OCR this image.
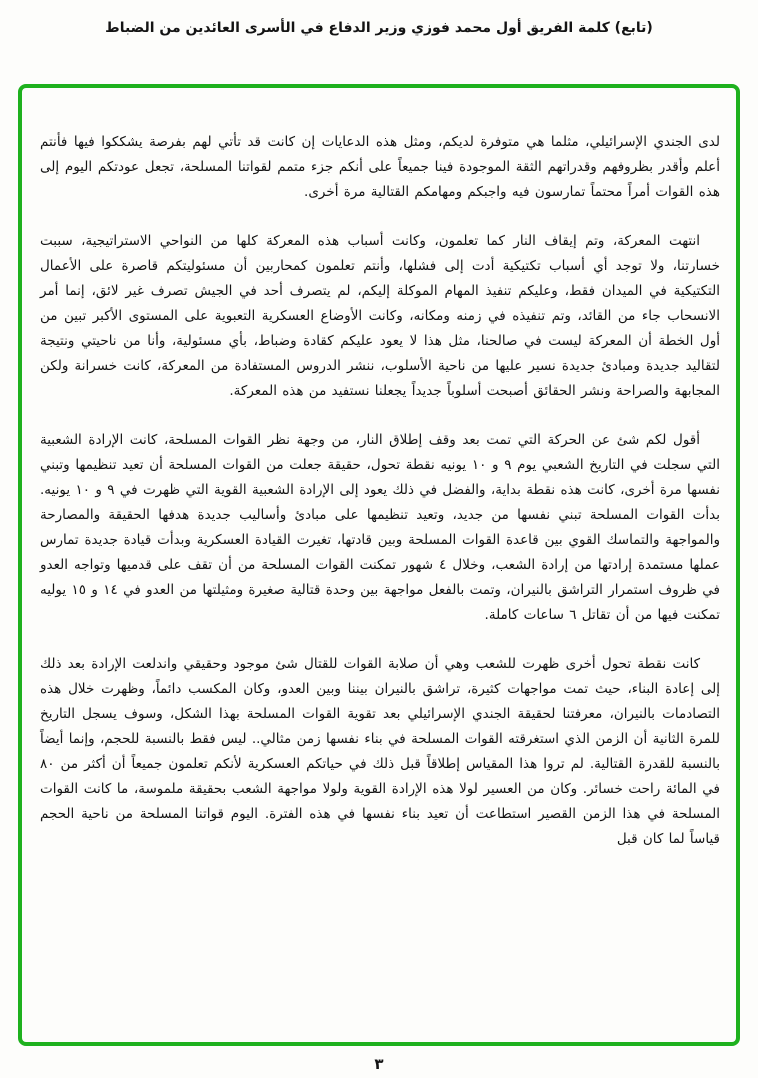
(تابع) كلمة الفريق أول محمد فوزي وزير الدفاع في الأسرى العائدين من الضباط

لدى الجندي الإسرائيلي، مثلما هي متوفرة لديكم، ومثل هذه الدعايات إن كانت قد تأتي لهم بفرصة يشككوا فيها فأنتم أعلم وأقدر بظروفهم وقدراتهم الثقة الموجودة فينا جميعاً على أنكم جزء متمم لقواتنا المسلحة، تجعل عودتكم اليوم إلى هذه القوات أمراً محتماً تمارسون فيه واجبكم ومهامكم القتالية مرة أخرى.

انتهت المعركة، وتم إيقاف النار كما تعلمون، وكانت أسباب هذه المعركة كلها من النواحي الاستراتيجية، سببت خسارتنا، ولا توجد أي أسباب تكتيكية أدت إلى فشلها، وأنتم تعلمون كمحاربين أن مسئوليتكم قاصرة على الأعمال التكتيكية في الميدان فقط، وعليكم تنفيذ المهام الموكلة إليكم، لم يتصرف أحد في الجيش تصرف غير لائق، إنما أمر الانسحاب جاء من القائد، وتم تنفيذه في زمنه ومكانه، وكانت الأوضاع العسكرية التعبوية على المستوى الأكبر تبين من أول الخطة أن المعركة ليست في صالحنا، مثل هذا لا يعود عليكم كقادة وضباط، بأي مسئولية، وأنا من ناحيتي ونتيجة لتقاليد جديدة ومبادئ جديدة نسير عليها من ناحية الأسلوب، ننشر الدروس المستفادة من المعركة، كانت خسرانة ولكن المجابهة والصراحة ونشر الحقائق أصبحت أسلوباً جديداً يجعلنا نستفيد من هذه المعركة.

أقول لكم شئ عن الحركة التي تمت بعد وقف إطلاق النار، من وجهة نظر القوات المسلحة، كانت الإرادة الشعبية التي سجلت في التاريخ الشعبي يوم ٩ و ١٠ يونيه نقطة تحول، حقيقة جعلت من القوات المسلحة أن تعيد تنظيمها وتبني نفسها مرة أخرى، كانت هذه نقطة بداية، والفضل في ذلك يعود إلى الإرادة الشعبية القوية التي ظهرت في ٩ و ١٠ يونيه. بدأت القوات المسلحة تبني نفسها من جديد، وتعيد تنظيمها على مبادئ وأساليب جديدة هدفها الحقيقة والمصارحة والمواجهة والتماسك القوي بين قاعدة القوات المسلحة وبين قادتها، تغيرت القيادة العسكرية وبدأت قيادة جديدة تمارس عملها مستمدة إرادتها من إرادة الشعب، وخلال ٤ شهور تمكنت القوات المسلحة من أن تقف على قدميها وتواجه العدو في ظروف استمرار التراشق بالنيران، وتمت بالفعل مواجهة بين وحدة قتالية صغيرة ومثيلتها من العدو في ١٤ و ١٥ يوليه تمكنت فيها من أن تقاتل ٦ ساعات كاملة.

كانت نقطة تحول أخرى ظهرت للشعب وهي أن صلابة القوات للقتال شئ موجود وحقيقي واندلعت الإرادة بعد ذلك إلى إعادة البناء، حيث تمت مواجهات كثيرة، تراشق بالنيران بيننا وبين العدو، وكان المكسب دائماً، وظهرت خلال هذه التصادمات بالنيران، معرفتنا لحقيقة الجندي الإسرائيلي بعد تقوية القوات المسلحة بهذا الشكل، وسوف يسجل التاريخ للمرة الثانية أن الزمن الذي استغرقته القوات المسلحة في بناء نفسها زمن مثالي.. ليس فقط بالنسبة للحجم، وإنما أيضاً بالنسبة للقدرة القتالية. لم تروا هذا المقياس إطلاقاً قبل ذلك في حياتكم العسكرية لأنكم تعلمون جميعاً أن أكثر من ٨٠ في المائة راحت خسائر. وكان من العسير لولا هذه الإرادة القوية ولولا مواجهة الشعب بحقيقة ملموسة، ما كانت القوات المسلحة في هذا الزمن القصير استطاعت أن تعيد بناء نفسها في هذه الفترة. اليوم قواتنا المسلحة من ناحية الحجم قياساً لما كان قبل

٣
